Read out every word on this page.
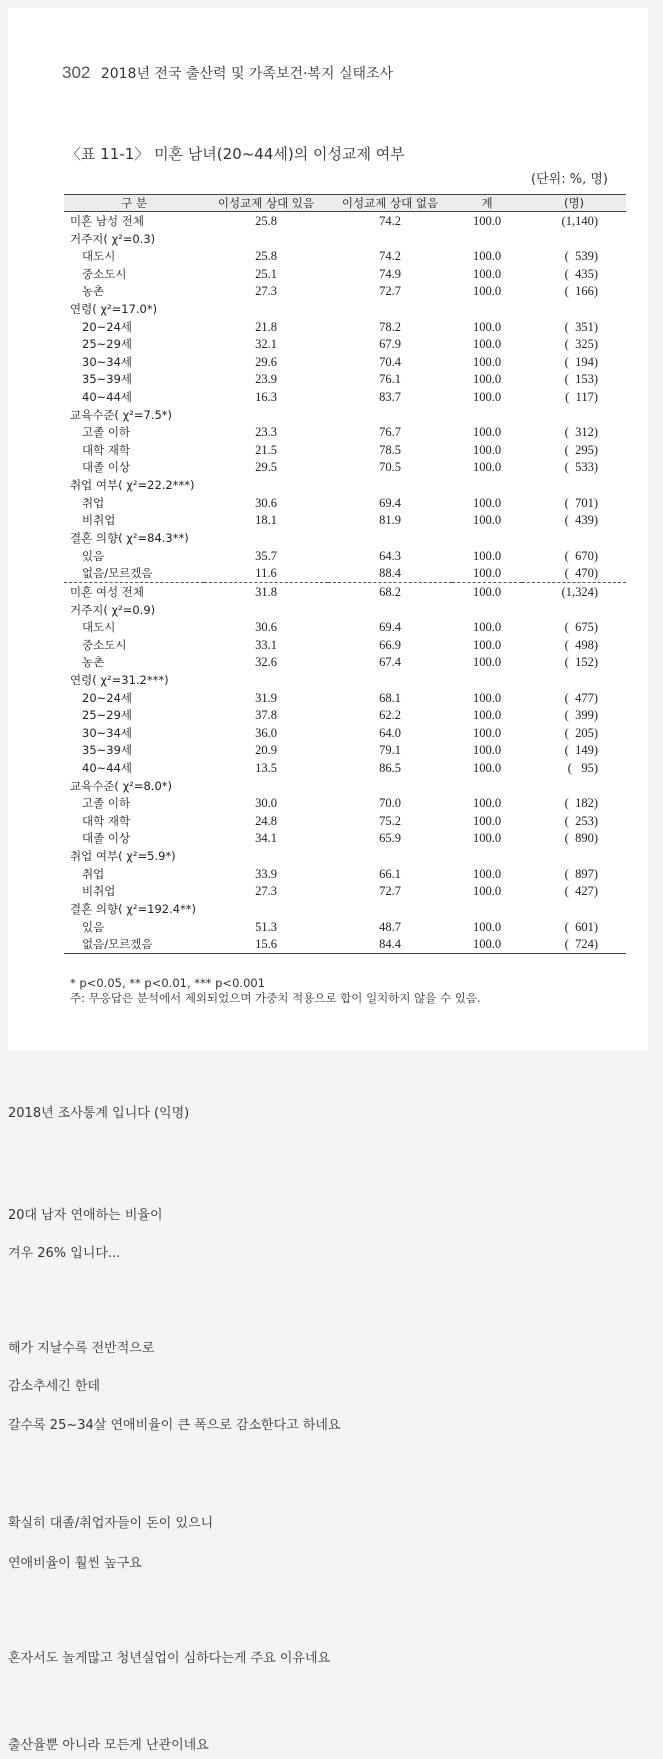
302 2018년 전국 출산력 및 가족보건·복지 실태조사
〈표 11-1〉 미혼 남녀(20~44세)의 이성교제 여부
(단위: %, 명)
구 분	이성교제 상대 있음	이성교제 상대 없음	계	(명)
미혼 남성 전체	25.8	74.2	100.0	(1,140)
거주지( χ²=0.3)				
대도시	25.8	74.2	100.0	(  539)
중소도시	25.1	74.9	100.0	(  435)
농촌	27.3	72.7	100.0	(  166)
연령( χ²=17.0*)				
20~24세	21.8	78.2	100.0	(  351)
25~29세	32.1	67.9	100.0	(  325)
30~34세	29.6	70.4	100.0	(  194)
35~39세	23.9	76.1	100.0	(  153)
40~44세	16.3	83.7	100.0	(  117)
교육수준( χ²=7.5*)				
고졸 이하	23.3	76.7	100.0	(  312)
대학 재학	21.5	78.5	100.0	(  295)
대졸 이상	29.5	70.5	100.0	(  533)
취업 여부( χ²=22.2***)				
취업	30.6	69.4	100.0	(  701)
비취업	18.1	81.9	100.0	(  439)
결혼 의향( χ²=84.3**)				
있음	35.7	64.3	100.0	(  670)
없음/모르겠음	11.6	88.4	100.0	(  470)
미혼 여성 전체	31.8	68.2	100.0	(1,324)
거주지( χ²=0.9)				
대도시	30.6	69.4	100.0	(  675)
중소도시	33.1	66.9	100.0	(  498)
농촌	32.6	67.4	100.0	(  152)
연령( χ²=31.2***)				
20~24세	31.9	68.1	100.0	(  477)
25~29세	37.8	62.2	100.0	(  399)
30~34세	36.0	64.0	100.0	(  205)
35~39세	20.9	79.1	100.0	(  149)
40~44세	13.5	86.5	100.0	(   95)
교육수준( χ²=8.0*)				
고졸 이하	30.0	70.0	100.0	(  182)
대학 재학	24.8	75.2	100.0	(  253)
대졸 이상	34.1	65.9	100.0	(  890)
취업 여부( χ²=5.9*)				
취업	33.9	66.1	100.0	(  897)
비취업	27.3	72.7	100.0	(  427)
결혼 의향( χ²=192.4**)				
있음	51.3	48.7	100.0	(  601)
없음/모르겠음	15.6	84.4	100.0	(  724)
* p<0.05, ** p<0.01, *** p<0.001
주: 무응답은 분석에서 제외되었으며 가중치 적용으로 합이 일치하지 않을 수 있음.
2018년 조사통계 입니다 (익명)
20대 남자 연애하는 비율이
겨우 26% 입니다...
해가 지날수록 전반적으로
감소추세긴 한데
갈수록 25~34살 연애비율이 큰 폭으로 감소한다고 하네요
확실히 대졸/취업자들이 돈이 있으니
연애비율이 훨씬 높구요
혼자서도 놀게많고 청년실업이 심하다는게 주요 이유네요
출산율뿐 아니라 모든게 난관이네요
